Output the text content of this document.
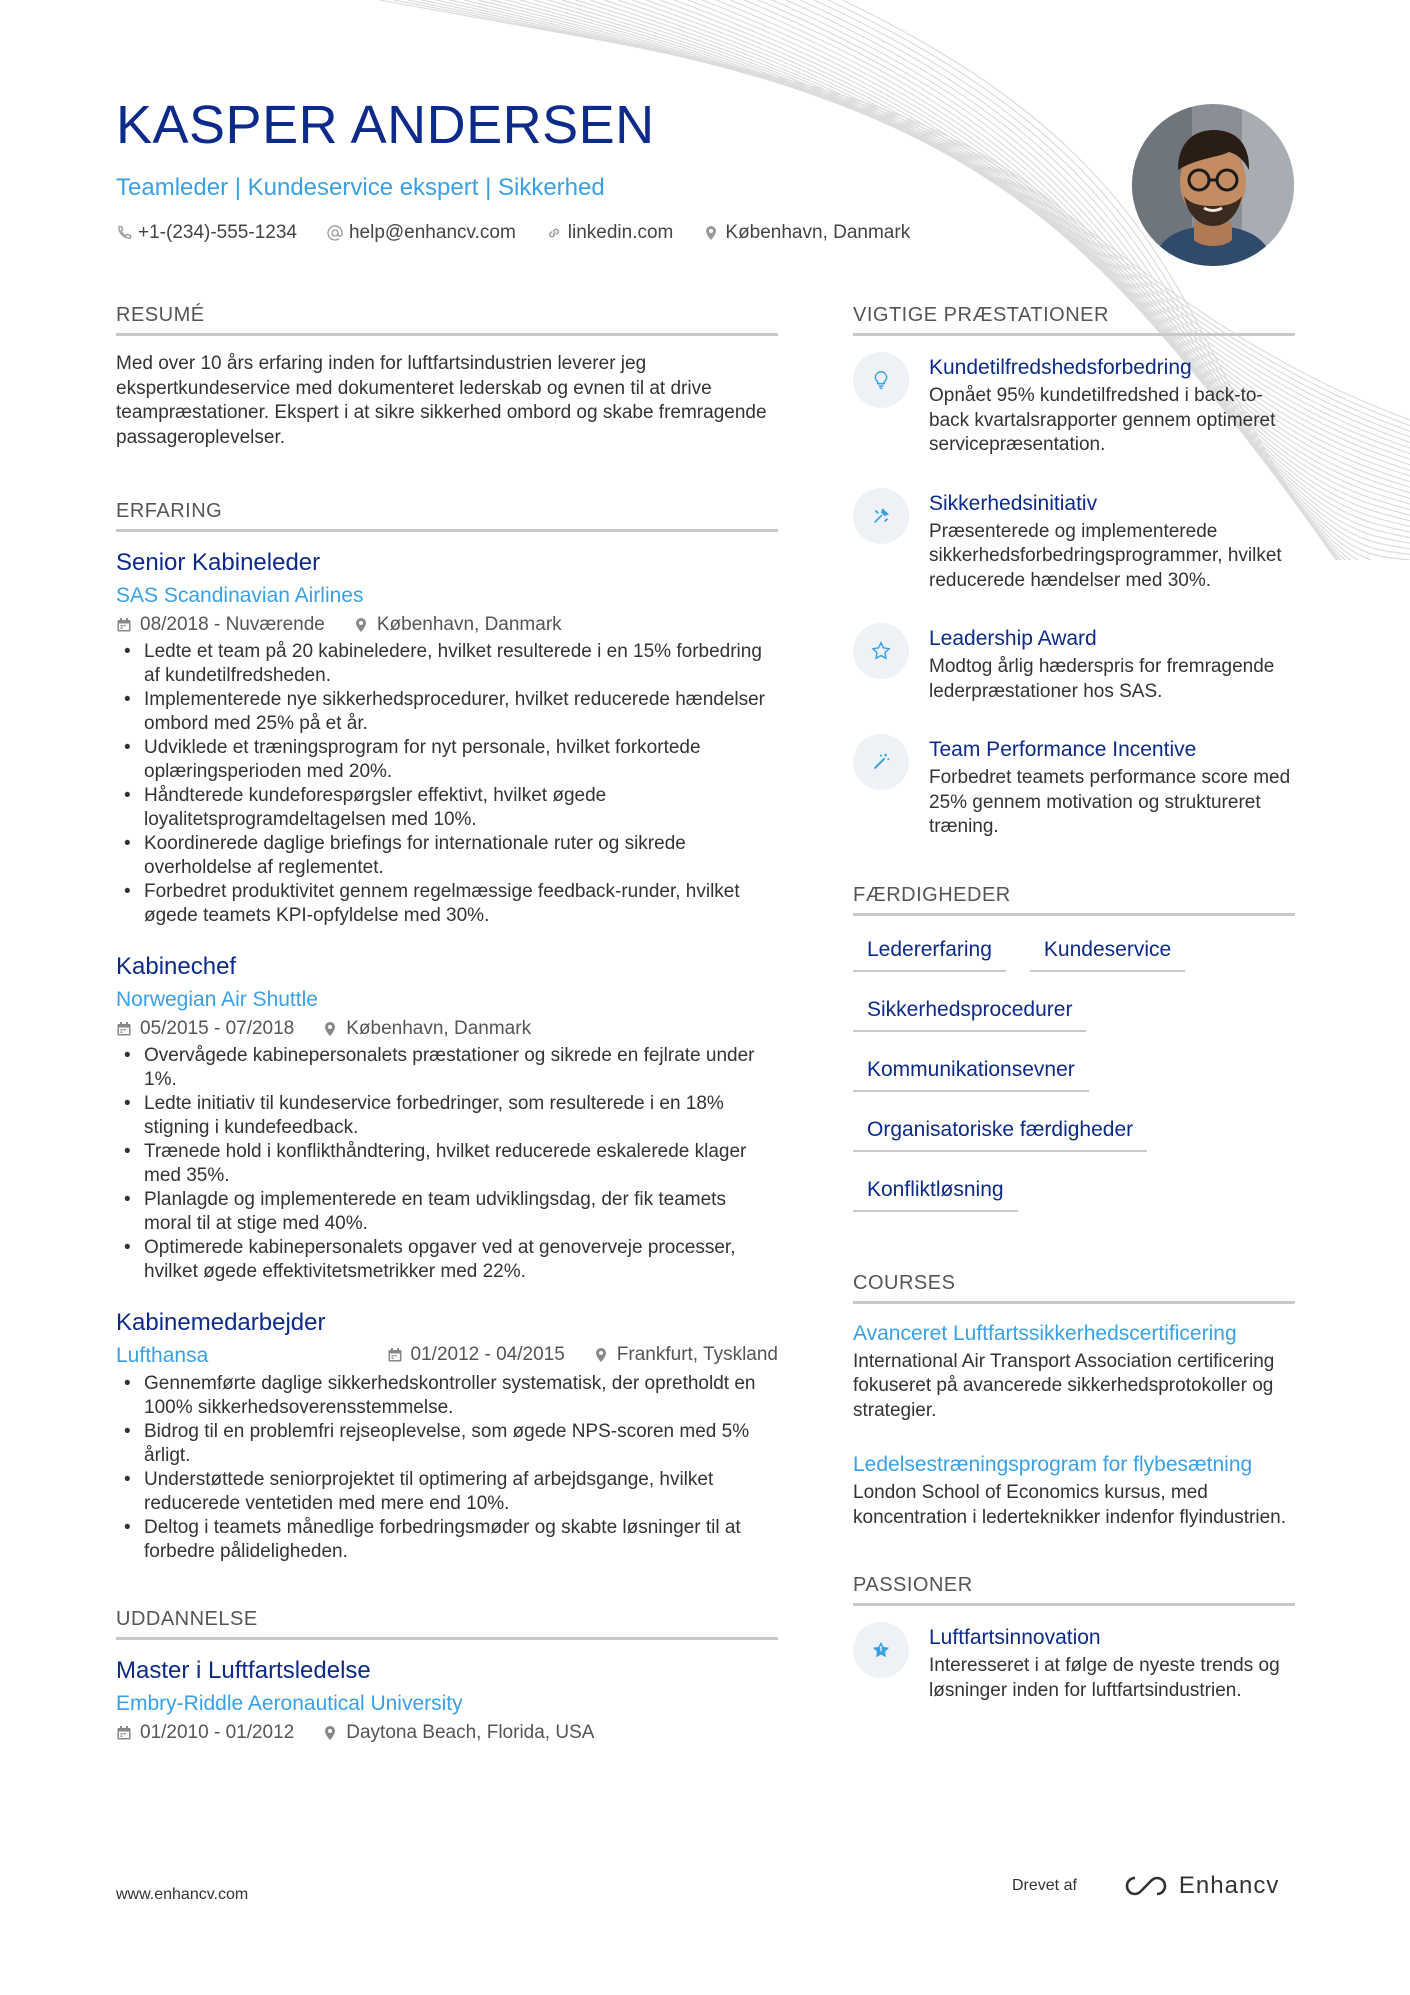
KASPER ANDERSEN
Teamleder | Kundeservice ekspert | Sikkerhed
+1-(234)-555-1234	help@enhancv.com	linkedin.com	København, Danmark
RESUMÉ

Med over 10 års erfaring inden for luftfartsindustrien leverer jeg ekspertkundeservice med dokumenteret lederskab og evnen til at drive teampræstationer. Ekspert i at sikre sikkerhed ombord og skabe fremragende passageroplevelser.

ERFARING
Senior Kabineleder
SAS Scandinavian Airlines
08/2018 - Nuværende	København, Danmark
• Ledte et team på 20 kabineledere, hvilket resulterede i en 15% forbedring af kundetilfredsheden.
• Implementerede nye sikkerhedsprocedurer, hvilket reducerede hændelser ombord med 25% på et år.
• Udviklede et træningsprogram for nyt personale, hvilket forkortede oplæringsperioden med 20%.
• Håndterede kundeforespørgsler effektivt, hvilket øgede loyalitetsprogramdeltagelsen med 10%.
• Koordinerede daglige briefings for internationale ruter og sikrede overholdelse af reglementet.
• Forbedret produktivitet gennem regelmæssige feedback-runder, hvilket øgede teamets KPI-opfyldelse med 30%.
Kabinechef
Norwegian Air Shuttle
05/2015 - 07/2018	København, Danmark
• Overvågede kabinepersonalets præstationer og sikrede en fejlrate under 1%.
• Ledte initiativ til kundeservice forbedringer, som resulterede i en 18% stigning i kundefeedback.
• Trænede hold i konflikthåndtering, hvilket reducerede eskalerede klager med 35%.
• Planlagde og implementerede en team udviklingsdag, der fik teamets moral til at stige med 40%.
• Optimerede kabinepersonalets opgaver ved at genoverveje processer, hvilket øgede effektivitetsmetrikker med 22%.
Kabinemedarbejder
Lufthansa	01/2012 - 04/2015	Frankfurt, Tyskland
• Gennemførte daglige sikkerhedskontroller systematisk, der opretholdt en 100% sikkerhedsoverensstemmelse.
• Bidrog til en problemfri rejseoplevelse, som øgede NPS-scoren med 5% årligt.
• Understøttede seniorprojektet til optimering af arbejdsgange, hvilket reducerede ventetiden med mere end 10%.
• Deltog i teamets månedlige forbedringsmøder og skabte løsninger til at forbedre pålideligheden.
UDDANNELSE
Master i Luftfartsledelse
Embry-Riddle Aeronautical University
01/2010 - 01/2012	Daytona Beach, Florida, USA
VIGTIGE PRÆSTATIONER
Kundetilfredshedsforbedring
Opnået 95% kundetilfredshed i back-to-back kvartalsrapporter gennem optimeret servicepræsentation.
Sikkerhedsinitiativ
Præsenterede og implementerede sikkerhedsforbedringsprogrammer, hvilket reducerede hændelser med 30%.
Leadership Award
Modtog årlig hæderspris for fremragende lederpræstationer hos SAS.
Team Performance Incentive
Forbedret teamets performance score med 25% gennem motivation og struktureret træning.
FÆRDIGHEDER
Ledererfaring	Kundeservice
Sikkerhedsprocedurer
Kommunikationsevner
Organisatoriske færdigheder
Konfliktløsning
COURSES
Avanceret Luftfartssikkerhedscertificering
International Air Transport Association certificering fokuseret på avancerede sikkerhedsprotokoller og strategier.
Ledelsestræningsprogram for flybesætning
London School of Economics kursus, med koncentration i lederteknikker indenfor flyindustrien.
PASSIONER
Luftfartsinnovation
Interesseret i at følge de nyeste trends og løsninger inden for luftfartsindustrien.
www.enhancv.com
Drevet af	Enhancv
